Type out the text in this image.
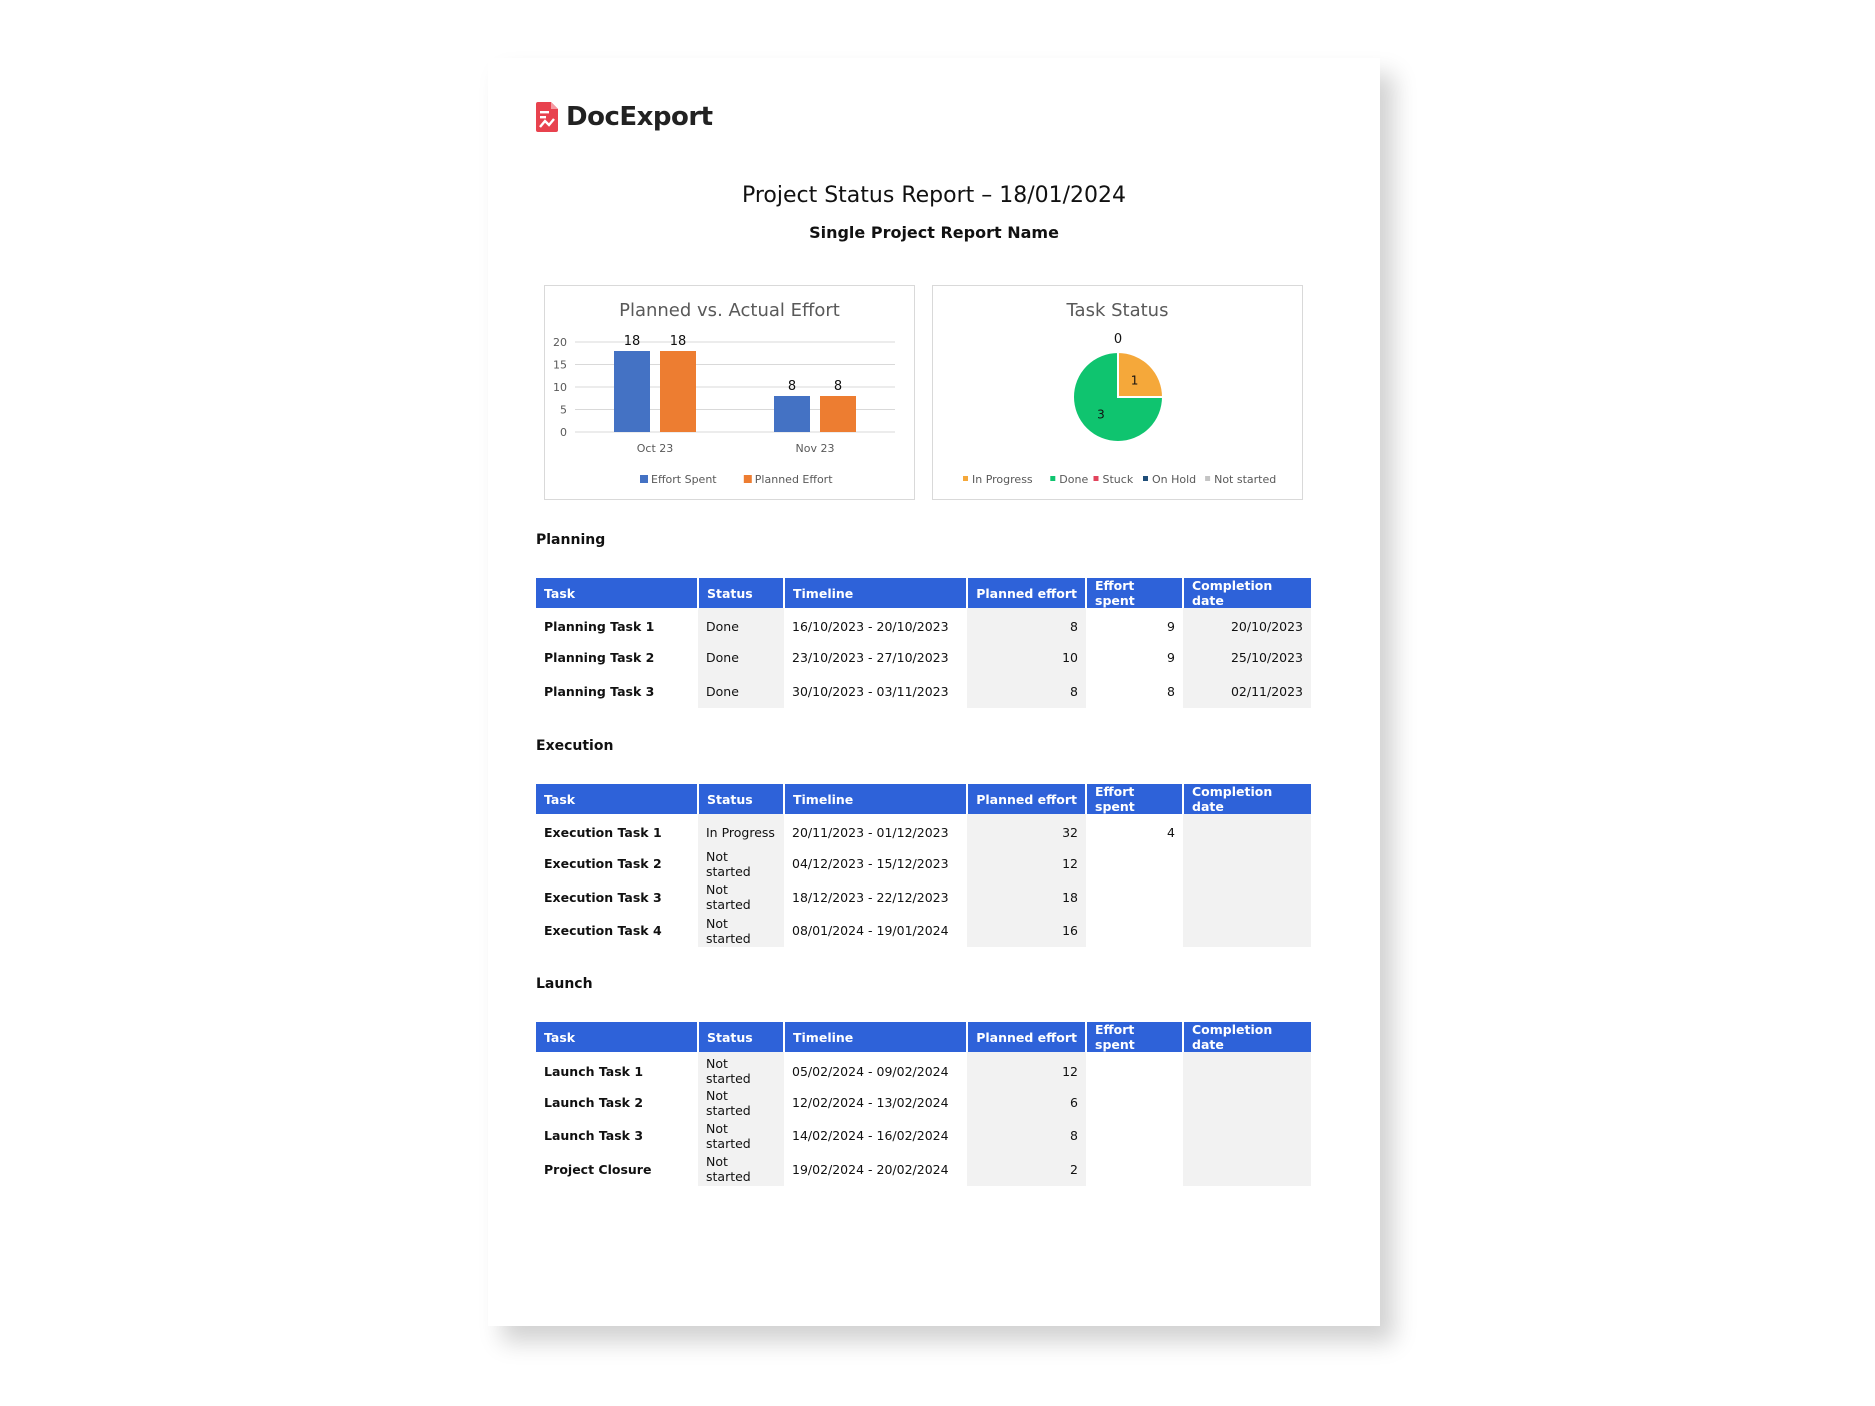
DocExport
Project Status Report – 18/01/2024
Single Project Report Name
Planned vs. Actual Effort
0
5
10
15
20	18 18
Oct 23
8	8
Nov 23
Effort Spent	Planned Effort
Task Status
1
3
0
In Progress Done Stuck On Hold Not started
Planning
Task	Status	Timeline	Planned effort	Effort spent	Completion date
Planning Task 1	Done	16/10/2023 - 20/10/2023	8	9	20/10/2023
Planning Task 2	Done	23/10/2023 - 27/10/2023	10	9	25/10/2023
Planning Task 3	Done	30/10/2023 - 03/11/2023	8	8	02/11/2023
Execution
Task	Status	Timeline	Planned effort	Effort spent	Completion date
Execution Task 1	In Progress	20/11/2023 - 01/12/2023	32	4	
Execution Task 2	Not started	04/12/2023 - 15/12/2023	12		
Execution Task 3	Not started	18/12/2023 - 22/12/2023	18		
Execution Task 4	Not started	08/01/2024 - 19/01/2024	16		
Launch
Task	Status	Timeline	Planned effort	Effort spent	Completion date
Launch Task 1	Not started	05/02/2024 - 09/02/2024	12		
Launch Task 2	Not started	12/02/2024 - 13/02/2024	6		
Launch Task 3	Not started	14/02/2024 - 16/02/2024	8		
Project Closure	Not started	19/02/2024 - 20/02/2024	2		
